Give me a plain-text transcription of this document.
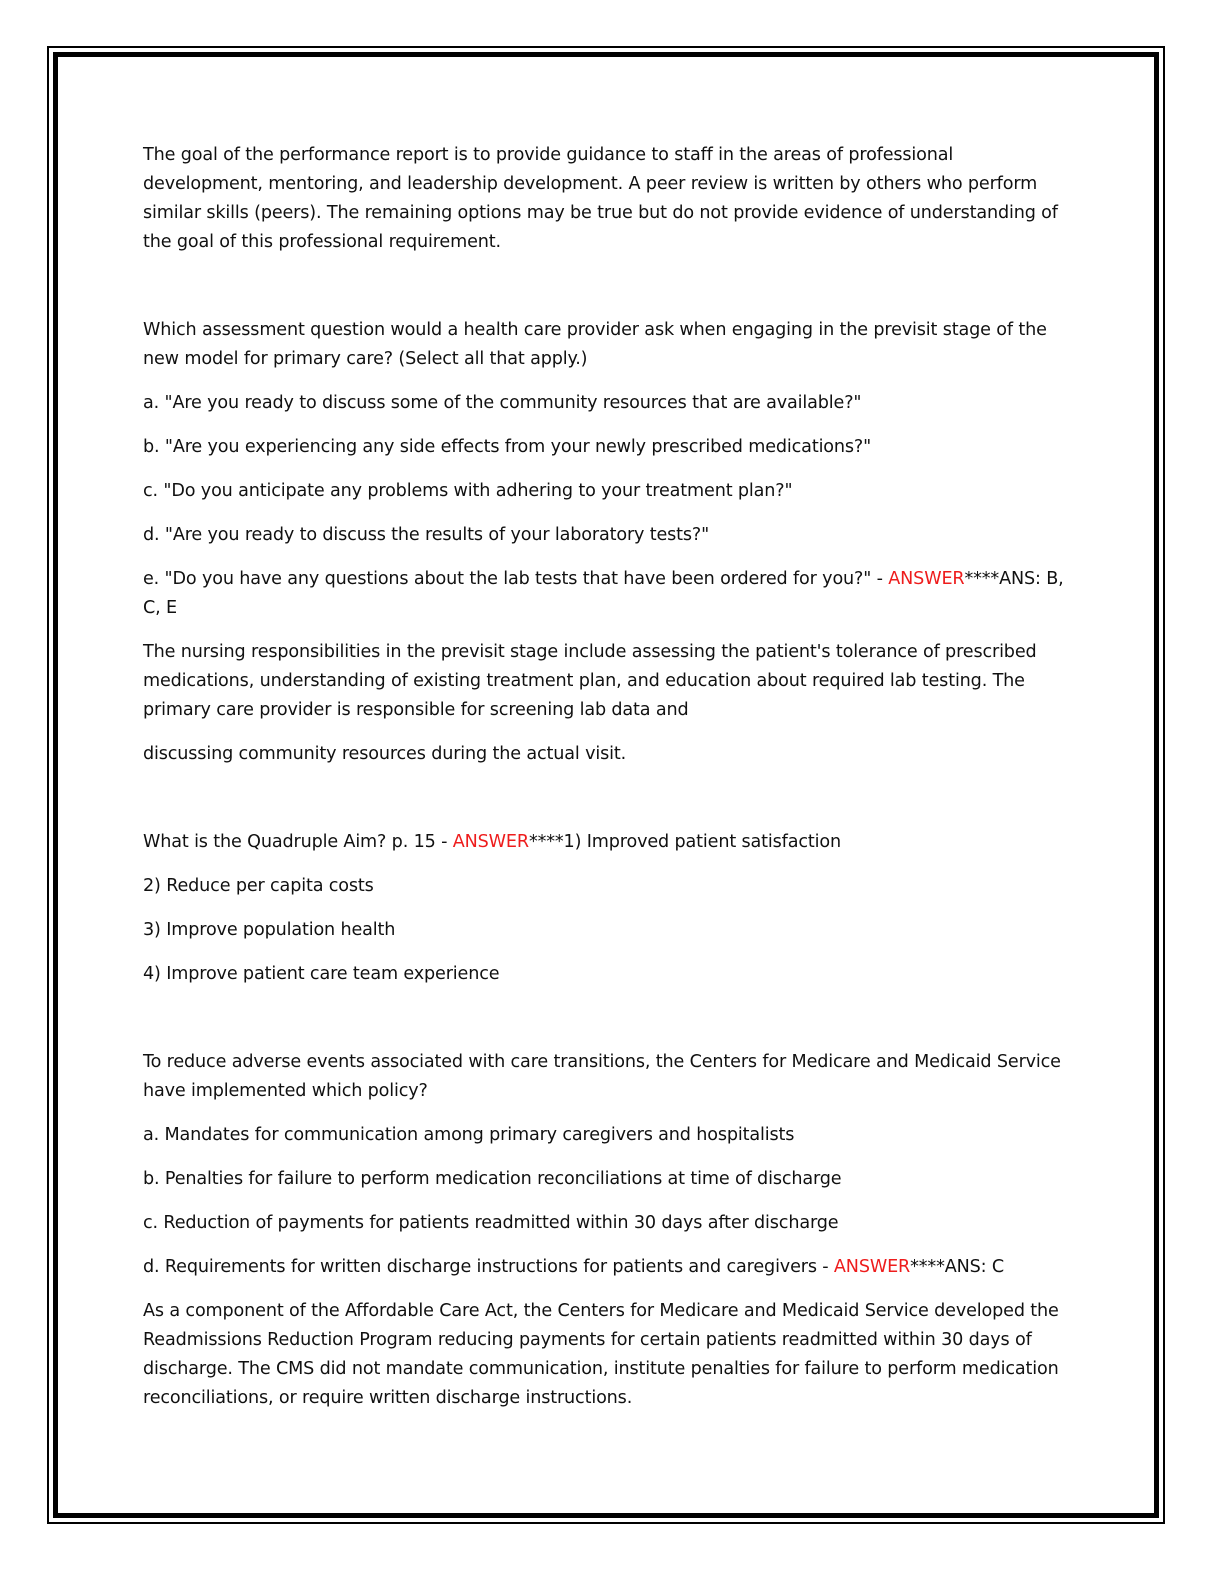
The goal of the performance report is to provide guidance to staff in the areas of professional development, mentoring, and leadership development. A peer review is written by others who perform similar skills (peers). The remaining options may be true but do not provide evidence of understanding of the goal of this professional requirement.

Which assessment question would a health care provider ask when engaging in the previsit stage of the new model for primary care? (Select all that apply.)

a. "Are you ready to discuss some of the community resources that are available?"

b. "Are you experiencing any side effects from your newly prescribed medications?"

c. "Do you anticipate any problems with adhering to your treatment plan?"

d. "Are you ready to discuss the results of your laboratory tests?"

e. "Do you have any questions about the lab tests that have been ordered for you?" - ANSWER****ANS: B, C, E

The nursing responsibilities in the previsit stage include assessing the patient's tolerance of prescribed medications, understanding of existing treatment plan, and education about required lab testing. The primary care provider is responsible for screening lab data and

discussing community resources during the actual visit.

What is the Quadruple Aim? p. 15 - ANSWER****1) Improved patient satisfaction

2) Reduce per capita costs

3) Improve population health

4) Improve patient care team experience

To reduce adverse events associated with care transitions, the Centers for Medicare and Medicaid Service have implemented which policy?

a. Mandates for communication among primary caregivers and hospitalists

b. Penalties for failure to perform medication reconciliations at time of discharge

c. Reduction of payments for patients readmitted within 30 days after discharge

d. Requirements for written discharge instructions for patients and caregivers - ANSWER****ANS: C

As a component of the Affordable Care Act, the Centers for Medicare and Medicaid Service developed the Readmissions Reduction Program reducing payments for certain patients readmitted within 30 days of discharge. The CMS did not mandate communication, institute penalties for failure to perform medication reconciliations, or require written discharge instructions.
